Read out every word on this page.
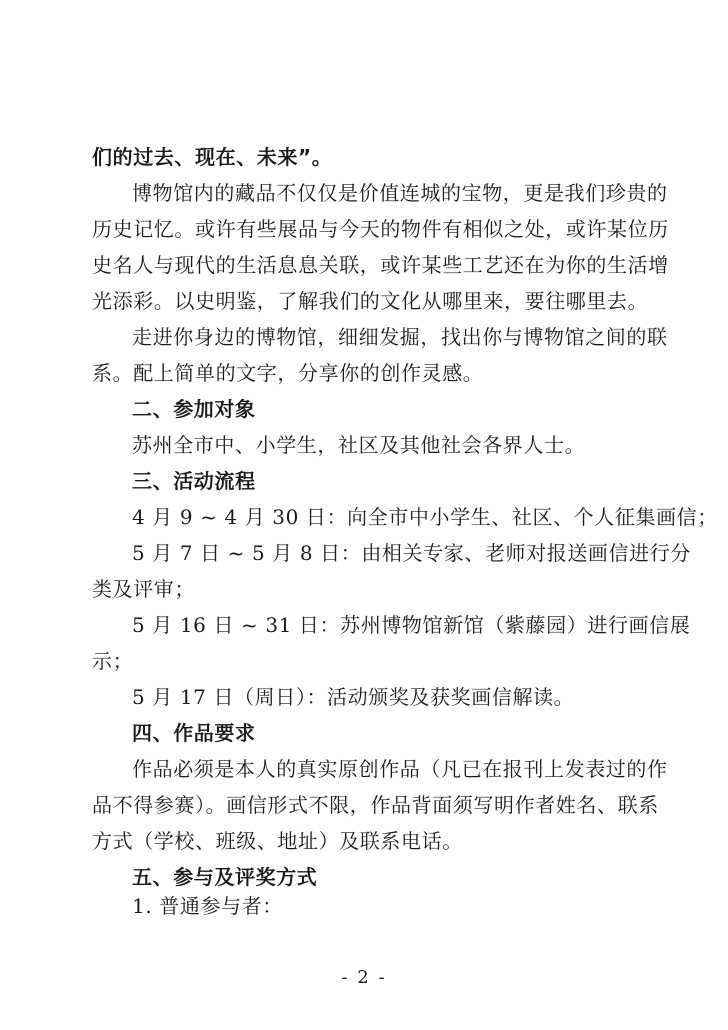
们的过去、现在、未来”。
博物馆内的藏品不仅仅是价值连城的宝物，更是我们珍贵的
历史记忆。或许有些展品与今天的物件有相似之处，或许某位历
史名人与现代的生活息息关联，或许某些工艺还在为你的生活增
光添彩。以史明鉴，了解我们的文化从哪里来，要往哪里去。
走进你身边的博物馆，细细发掘，找出你与博物馆之间的联
系。配上简单的文字，分享你的创作灵感。
二、参加对象
苏州全市中、小学生，社区及其他社会各界人士。
三、活动流程
4 月 9 ~ 4 月 30 日：向全市中小学生、社区、个人征集画信；
5 月 7 日 ~ 5 月 8 日：由相关专家、老师对报送画信进行分
类及评审；
5 月 16 日 ~ 31 日：苏州博物馆新馆（紫藤园）进行画信展
示；
5 月 17 日（周日）：活动颁奖及获奖画信解读。
四、作品要求
作品必须是本人的真实原创作品（凡已在报刊上发表过的作
品不得参赛）。画信形式不限，作品背面须写明作者姓名、联系
方式（学校、班级、地址）及联系电话。
五、参与及评奖方式
1. 普通参与者：
- 2 -
